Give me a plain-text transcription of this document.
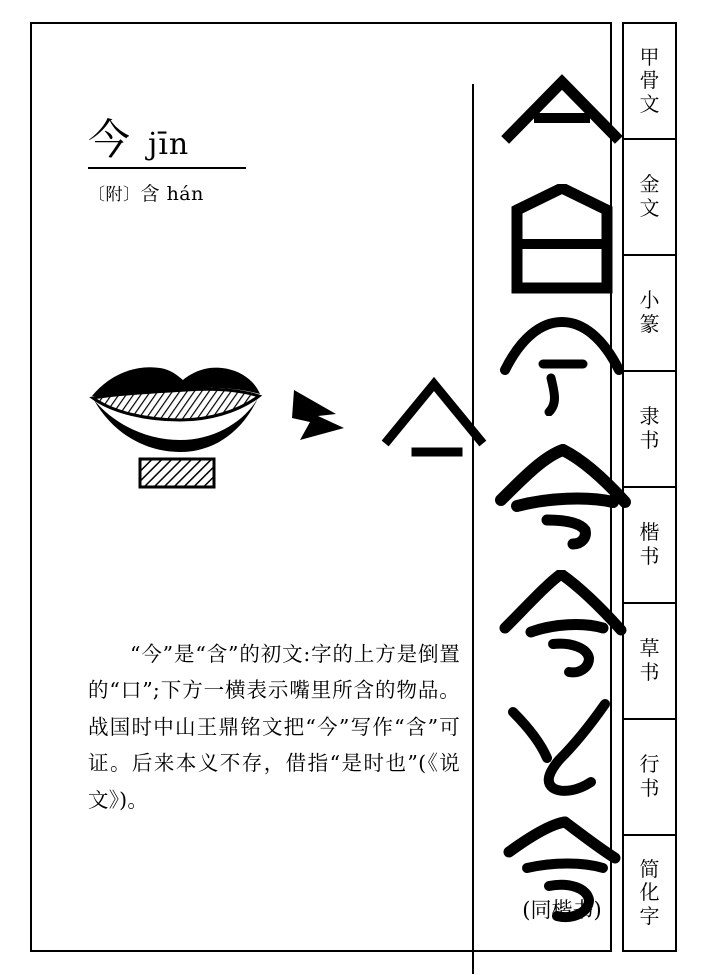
今 jīn
〔附〕含 hán
“今”是“含”的初文:字的上方是倒置的“口”;下方一横表示嘴里所含的物品。战国时中山王鼎铭文把“今”写作“含”可证。后来本义不存，借指“是时也”(《说文》)。
(同楷书)
甲
骨
文
金
文
小
篆
隶
书
楷
书
草
书
行
书
简
化
字
